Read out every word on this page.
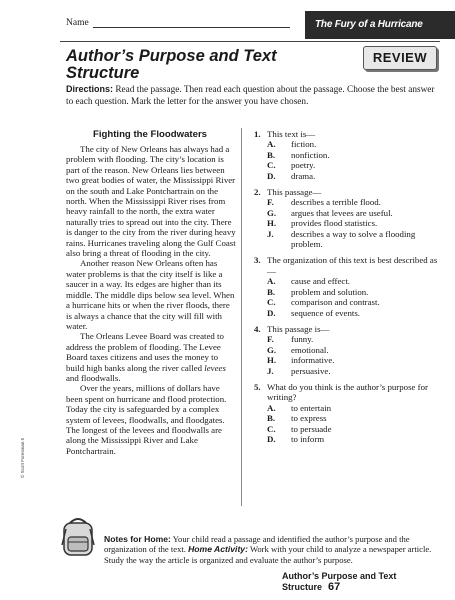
Name	The Fury of a Hurricane
Author’s Purpose and Text Structure
REVIEW
Directions: Read the passage. Then read each question about the passage. Choose the best answer to each question. Mark the letter for the answer you have chosen.
Fighting the Floodwaters

The city of New Orleans has always had a problem with flooding. The city’s location is part of the reason. New Orleans lies between two great bodies of water, the Mississippi River on the south and Lake Pontchartrain on the north. When the Mississippi River rises from heavy rainfall to the north, the extra water naturally tries to spread out into the city. There is danger to the city from the river during heavy rains. Hurricanes traveling along the Gulf Coast also bring a threat of flooding in the city.

Another reason New Orleans often has water problems is that the city itself is like a saucer in a way. Its edges are higher than its middle. The middle dips below sea level. When a hurricane hits or when the river floods, there is always a chance that the city will fill with water.

The Orleans Levee Board was created to address the problem of flooding. The Levee Board taxes citizens and uses the money to build high banks along the river called levees and floodwalls.

Over the years, millions of dollars have been spent on hurricane and flood protection. Today the city is safeguarded by a complex system of levees, floodwalls, and floodgates. The longest of the levees and floodwalls are along the Mississippi River and Lake Pontchartrain.

1. This text is—
A.	fiction.
B.	nonfiction.
C.	poetry.
D.	drama.
2. This passage—
F.	describes a terrible flood.
G.	argues that levees are useful.
H.	provides flood statistics.
J.	describes a way to solve a flooding problem.
3. The organization of this text is best described as—
A.	cause and effect.
B.	problem and solution.
C.	comparison and contrast.
D.	sequence of events.
4. This passage is—
F.	funny.
G.	emotional.
H.	informative.
J.	persuasive.
5. What do you think is the author’s purpose for writing?
A.	to entertain
B.	to express
C.	to persuade
D.	to inform
© Scott Foresman 5
Notes for Home: Your child read a passage and identified the author’s purpose and the organization of the text. Home Activity: Work with your child to analyze a newspaper article. Study the way the article is organized and evaluate the author’s purpose.
Author’s Purpose and Text Structure 67
